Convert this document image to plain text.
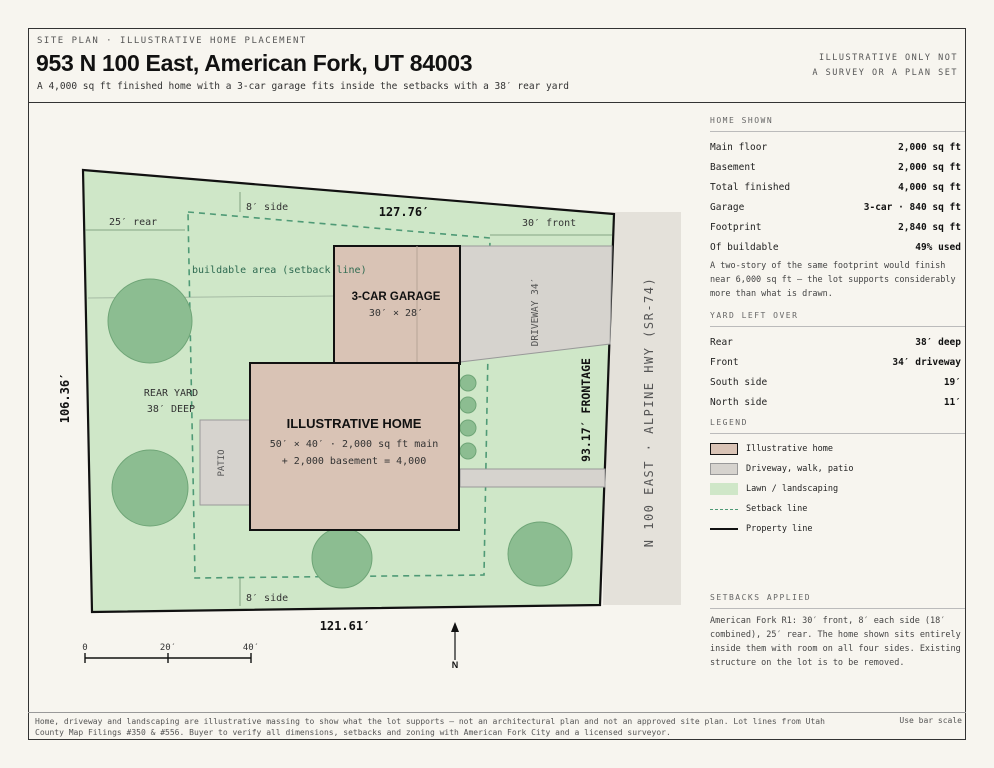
SITE PLAN · ILLUSTRATIVE HOME PLACEMENT
953 N 100 East, American Fork, UT 84003
A 4,000 sq ft finished home with a 3-car garage fits inside the setbacks with a 38′ rear yard
ILLUSTRATIVE ONLY NOT A SURVEY OR A PLAN SET
127.76′
121.61′
106.36′	93.17′ FRONTAGE
8′ side
8′ side
25′ rear	30′ front
buildable area (setback line)
3-CAR GARAGE
30′ × 28′
ILLUSTRATIVE HOME
50′ × 40′ · 2,000 sq ft main
+ 2,000 basement = 4,000
DRIVEWAY 34′
PATIO
REAR YARD
38′ DEEP	N 100 EAST · ALPINE HWY (SR-74)
0	20′	40′
N
HOME SHOWN
Main floor	2,000 sq ft
Basement	2,000 sq ft
Total finished	4,000 sq ft
Garage	3-car · 840 sq ft
Footprint	2,840 sq ft
Of buildable	49% used
A two-story of the same footprint would finish near 6,000 sq ft — the lot supports considerably more than what is drawn.
YARD LEFT OVER
Rear	38′ deep
Front	34′ driveway
South side	19′
North side	11′
LEGEND
Illustrative home
Driveway, walk, patio
Lawn / landscaping
Setback line
Property line
SETBACKS APPLIED
American Fork R1: 30′ front, 8′ each side (18′ combined), 25′ rear. The home shown sits entirely inside them with room on all four sides. Existing structure on the lot is to be removed.
Home, driveway and landscaping are illustrative massing to show what the lot supports — not an architectural plan and not an approved site plan. Lot lines from Utah County Map Filings #350 & #556. Buyer to verify all dimensions, setbacks and zoning with American Fork City and a licensed surveyor.
Use bar scale
